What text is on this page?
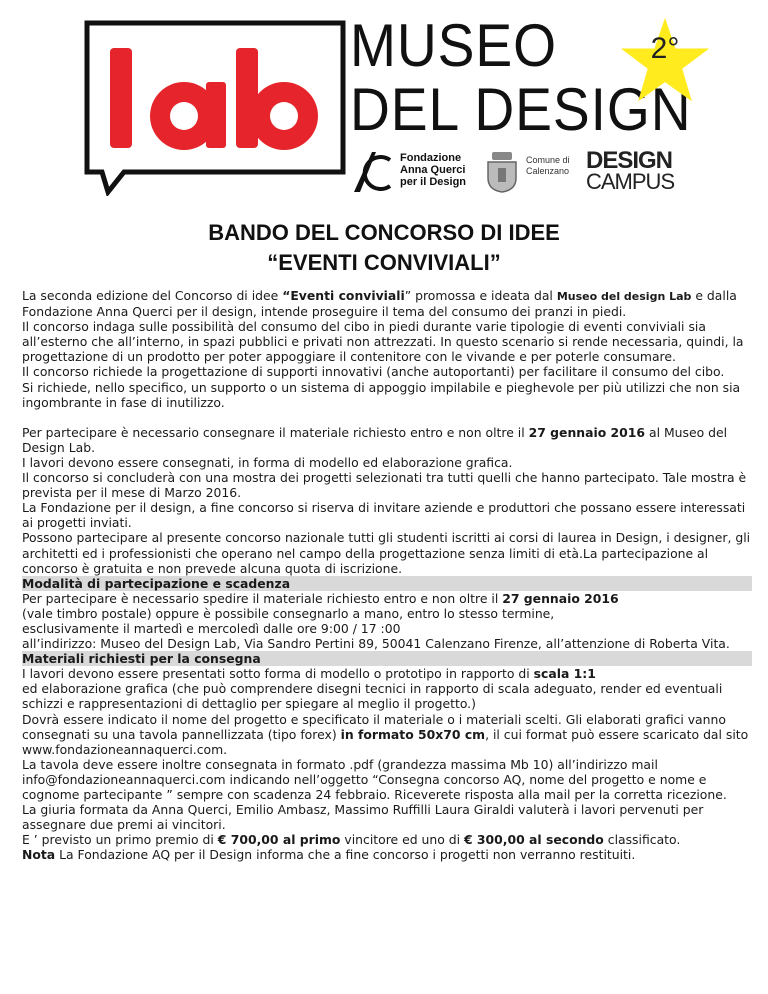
MUSEO
DEL DESIGN
2°
Fondazione
Anna Querci
per il Design
Comune di
Calenzano DESIGN
CAMPUS
BANDO DEL CONCORSO DI IDEE
“EVENTI CONVIVIALI”

La seconda edizione del Concorso di idee “Eventi conviviali” promossa e ideata dal Museo del design Lab e dalla Fondazione Anna Querci per il design, intende proseguire il tema del consumo dei pranzi in piedi.

Il concorso indaga sulle possibilità del consumo del cibo in piedi durante varie tipologie di eventi conviviali sia all’esterno che all’interno, in spazi pubblici e privati non attrezzati. In questo scenario si rende necessaria, quindi, la progettazione di un prodotto per poter appoggiare il contenitore con le vivande e per poterle consumare.

Il concorso richiede la progettazione di supporti innovativi (anche autoportanti) per facilitare il consumo del cibo.

Si richiede, nello specifico, un supporto o un sistema di appoggio impilabile e pieghevole per più utilizzi che non sia ingombrante in fase di inutilizzo.

Per partecipare è necessario consegnare il materiale richiesto entro e non oltre il 27 gennaio 2016 al Museo del Design Lab.

I lavori devono essere consegnati, in forma di modello ed elaborazione grafica.

Il concorso si concluderà con una mostra dei progetti selezionati tra tutti quelli che hanno partecipato. Tale mostra è prevista per il mese di Marzo 2016.

La Fondazione per il design, a fine concorso si riserva di invitare aziende e produttori che possano essere interessati ai progetti inviati.

Possono partecipare al presente concorso nazionale tutti gli studenti iscritti ai corsi di laurea in Design, i designer, gli architetti ed i professionisti che operano nel campo della progettazione senza limiti di età.La partecipazione al concorso è gratuita e non prevede alcuna quota di iscrizione.

Modalità di partecipazione e scadenza

Per partecipare è necessario spedire il materiale richiesto entro e non oltre il 27 gennaio 2016

(vale timbro postale) oppure è possibile consegnarlo a mano, entro lo stesso termine,

esclusivamente il martedì e mercoledì dalle ore 9:00 / 17 :00

all’indirizzo: Museo del Design Lab, Via Sandro Pertini 89, 50041 Calenzano Firenze, all’attenzione di Roberta Vita.

Materiali richiesti per la consegna

I lavori devono essere presentati sotto forma di modello o prototipo in rapporto di scala 1:1

ed elaborazione grafica (che può comprendere disegni tecnici in rapporto di scala adeguato, render ed eventuali schizzi e rappresentazioni di dettaglio per spiegare al meglio il progetto.)

Dovrà essere indicato il nome del progetto e specificato il materiale o i materiali scelti. Gli elaborati grafici vanno consegnati su una tavola pannellizzata (tipo forex) in formato 50x70 cm, il cui format può essere scaricato dal sito www.fondazioneannaquerci.com.

La tavola deve essere inoltre consegnata in formato .pdf (grandezza massima Mb 10) all’indirizzo mail info@fondazioneannaquerci.com indicando nell’oggetto “Consegna concorso AQ, nome del progetto e nome e cognome partecipante ” sempre con scadenza 24 febbraio. Riceverete risposta alla mail per la corretta ricezione.

La giuria formata da Anna Querci, Emilio Ambasz, Massimo Ruffilli Laura Giraldi valuterà i lavori pervenuti per assegnare due premi ai vincitori.

E ’ previsto un primo premio di € 700,00 al primo vincitore ed uno di € 300,00 al secondo classificato.

Nota La Fondazione AQ per il Design informa che a fine concorso i progetti non verranno restituiti.
